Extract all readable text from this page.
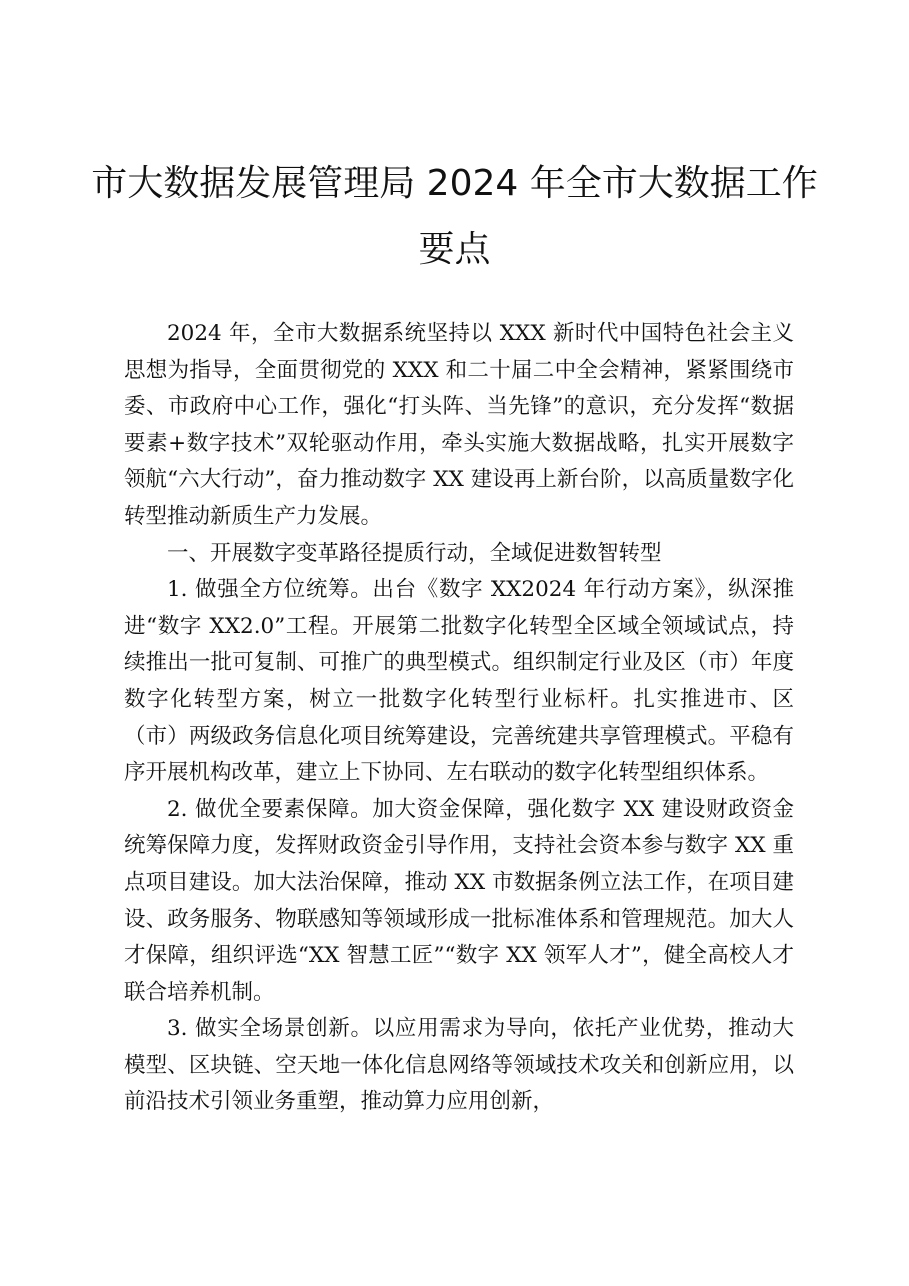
市大数据发展管理局 2024 年全市大数据工作
要点

2024 年，全市大数据系统坚持以 XXX 新时代中国特色社会主义思想为指导，全面贯彻党的 XXX 和二十届二中全会精神，紧紧围绕市委、市政府中心工作，强化“打头阵、当先锋”的意识，充分发挥“数据要素+数字技术”双轮驱动作用，牵头实施大数据战略，扎实开展数字领航“六大行动”，奋力推动数字 XX 建设再上新台阶，以高质量数字化转型推动新质生产力发展。

一、开展数字变革路径提质行动，全域促进数智转型

1. 做强全方位统筹。出台《数字 XX2024 年行动方案》，纵深推进“数字 XX2.0”工程。开展第二批数字化转型全区域全领域试点，持续推出一批可复制、可推广的典型模式。组织制定行业及区（市）年度数字化转型方案，树立一批数字化转型行业标杆。扎实推进市、区（市）两级政务信息化项目统筹建设，完善统建共享管理模式。平稳有序开展机构改革，建立上下协同、左右联动的数字化转型组织体系。

2. 做优全要素保障。加大资金保障，强化数字 XX 建设财政资金统筹保障力度，发挥财政资金引导作用，支持社会资本参与数字 XX 重点项目建设。加大法治保障，推动 XX 市数据条例立法工作，在项目建设、政务服务、物联感知等领域形成一批标准体系和管理规范。加大人才保障，组织评选“XX 智慧工匠”“数字 XX 领军人才”，健全高校人才联合培养机制。

3. 做实全场景创新。以应用需求为导向，依托产业优势，推动大模型、区块链、空天地一体化信息网络等领域技术攻关和创新应用，以前沿技术引领业务重塑，推动算力应用创新，
